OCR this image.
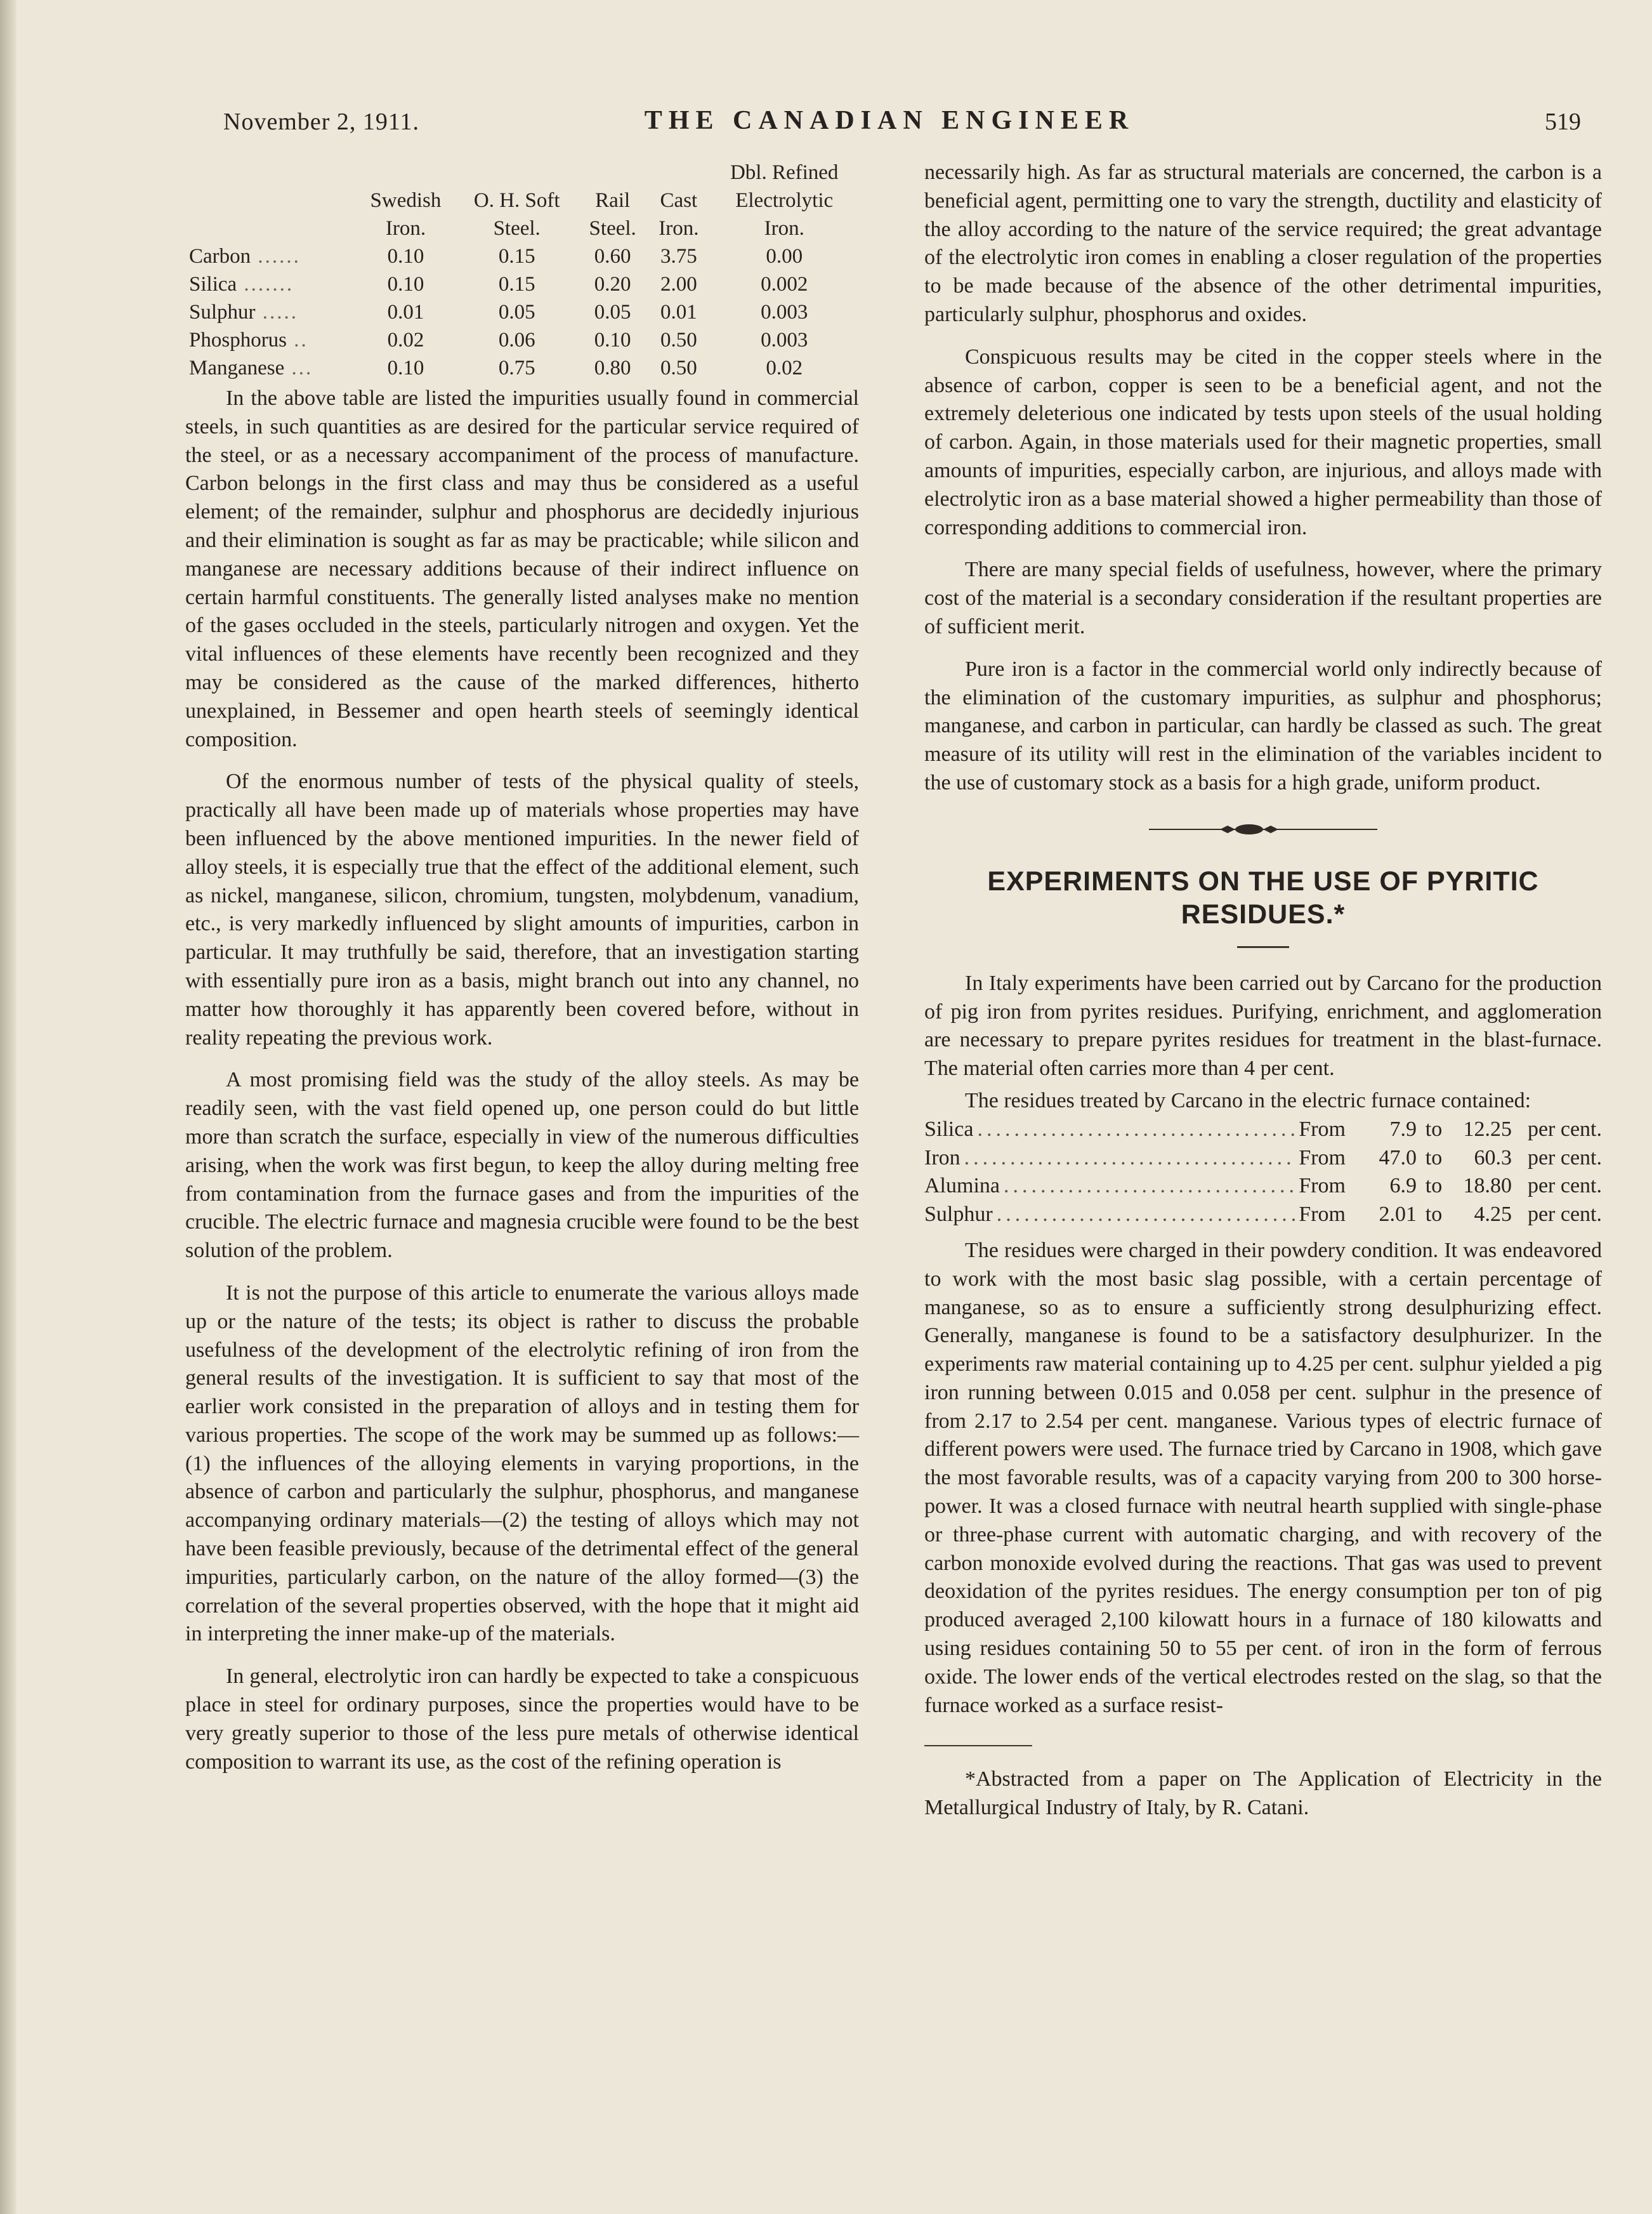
November 2, 1911.	THE CANADIAN ENGINEER	519
					Dbl. Refined
	Swedish	O. H. Soft	Rail	Cast	Electrolytic
	Iron.	Steel.	Steel.	Iron.	Iron.
Carbon ......	0.10	0.15	0.60	3.75	0.00
Silica .......	0.10	0.15	0.20	2.00	0.002
Sulphur .....	0.01	0.05	0.05	0.01	0.003
Phosphorus ..	0.02	0.06	0.10	0.50	0.003
Manganese ...	0.10	0.75	0.80	0.50	0.02

In the above table are listed the impurities usually found in commercial steels, in such quantities as are desired for the particular service required of the steel, or as a necessary accompaniment of the process of manufacture. Carbon belongs in the first class and may thus be considered as a useful element; of the remainder, sulphur and phosphorus are decidedly injurious and their elimination is sought as far as may be practicable; while silicon and manganese are necessary additions because of their indirect influence on certain harmful constituents. The generally listed analyses make no mention of the gases occluded in the steels, particularly nitrogen and oxygen. Yet the vital influences of these elements have recently been recognized and they may be considered as the cause of the marked differences, hitherto unexplained, in Bessemer and open hearth steels of seemingly identical composition.

Of the enormous number of tests of the physical quality of steels, practically all have been made up of materials whose properties may have been influenced by the above mentioned impurities. In the newer field of alloy steels, it is especially true that the effect of the additional element, such as nickel, manganese, silicon, chromium, tungsten, molybdenum, vanadium, etc., is very markedly influenced by slight amounts of impurities, carbon in particular. It may truthfully be said, therefore, that an investigation starting with essentially pure iron as a basis, might branch out into any channel, no matter how thoroughly it has apparently been covered before, without in reality repeating the previous work.

A most promising field was the study of the alloy steels. As may be readily seen, with the vast field opened up, one person could do but little more than scratch the surface, especially in view of the numerous difficulties arising, when the work was first begun, to keep the alloy during melting free from contamination from the furnace gases and from the impurities of the crucible. The electric furnace and magnesia crucible were found to be the best solution of the problem.

It is not the purpose of this article to enumerate the various alloys made up or the nature of the tests; its object is rather to discuss the probable usefulness of the development of the electrolytic refining of iron from the general results of the investigation. It is sufficient to say that most of the earlier work consisted in the preparation of alloys and in testing them for various properties. The scope of the work may be summed up as follows:—(1) the influences of the alloying elements in varying proportions, in the absence of carbon and particularly the sulphur, phosphorus, and manganese accompanying ordinary materials—(2) the testing of alloys which may not have been feasible previously, because of the detrimental effect of the general impurities, particularly carbon, on the nature of the alloy formed—(3) the correlation of the several properties observed, with the hope that it might aid in interpreting the inner make-up of the materials.

In general, electrolytic iron can hardly be expected to take a conspicuous place in steel for ordinary purposes, since the properties would have to be very greatly superior to those of the less pure metals of otherwise identical composition to warrant its use, as the cost of the refining operation is

necessarily high. As far as structural materials are concerned, the carbon is a beneficial agent, permitting one to vary the strength, ductility and elasticity of the alloy according to the nature of the service required; the great advantage of the electrolytic iron comes in enabling a closer regulation of the properties to be made because of the absence of the other detrimental impurities, particularly sulphur, phosphorus and oxides.

Conspicuous results may be cited in the copper steels where in the absence of carbon, copper is seen to be a beneficial agent, and not the extremely deleterious one indicated by tests upon steels of the usual holding of carbon. Again, in those materials used for their magnetic properties, small amounts of impurities, especially carbon, are injurious, and alloys made with electrolytic iron as a base material showed a higher permeability than those of corresponding additions to commercial iron.

There are many special fields of usefulness, however, where the primary cost of the material is a secondary consideration if the resultant properties are of sufficient merit.

Pure iron is a factor in the commercial world only indirectly because of the elimination of the customary impurities, as sulphur and phosphorus; manganese, and carbon in particular, can hardly be classed as such. The great measure of its utility will rest in the elimination of the variables incident to the use of customary stock as a basis for a high grade, uniform product.

EXPERIMENTS ON THE USE OF PYRITIC RESIDUES.*

In Italy experiments have been carried out by Carcano for the production of pig iron from pyrites residues. Purifying, enrichment, and agglomeration are necessary to prepare pyrites residues for treatment in the blast-furnace. The material often carries more than 4 per cent.

The residues treated by Carcano in the electric furnace contained:

Silica .....	From	7.9 to 12.25 per cent.
Iron .....	From	47.0 to	60.3 per cent.
Alumina .....	From	6.9 to 18.80 per cent.
Sulphur .....	From	2.01 to	4.25 per cent.

The residues were charged in their powdery condition. It was endeavored to work with the most basic slag possible, with a certain percentage of manganese, so as to ensure a sufficiently strong desulphurizing effect. Generally, manganese is found to be a satisfactory desulphurizer. In the experiments raw material containing up to 4.25 per cent. sulphur yielded a pig iron running between 0.015 and 0.058 per cent. sulphur in the presence of from 2.17 to 2.54 per cent. manganese. Various types of electric furnace of different powers were used. The furnace tried by Carcano in 1908, which gave the most favorable results, was of a capacity varying from 200 to 300 horse-power. It was a closed furnace with neutral hearth supplied with single-phase or three-phase current with automatic charging, and with recovery of the carbon monoxide evolved during the reactions. That gas was used to prevent deoxidation of the pyrites residues. The energy consumption per ton of pig produced averaged 2,100 kilowatt hours in a furnace of 180 kilowatts and using residues containing 50 to 55 per cent. of iron in the form of ferrous oxide. The lower ends of the vertical electrodes rested on the slag, so that the furnace worked as a surface resist-

*Abstracted from a paper on The Application of Electricity in the Metallurgical Industry of Italy, by R. Catani.
